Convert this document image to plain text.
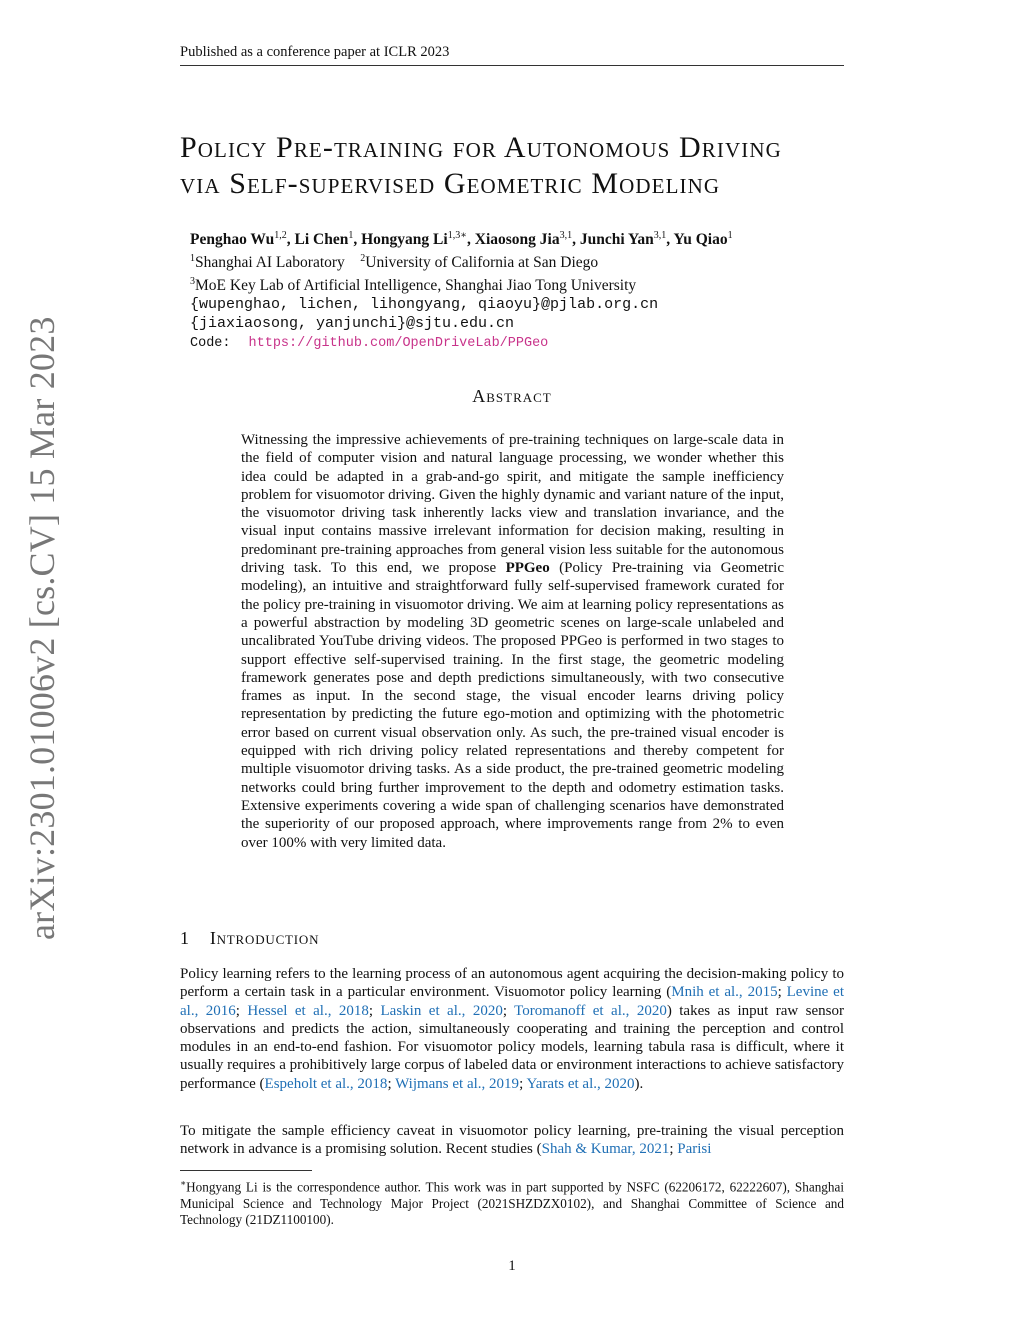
Published as a conference paper at ICLR 2023
arXiv:2301.01006v2 [cs.CV] 15 Mar 2023
Policy Pre-training for Autonomous Driving
via Self-supervised Geometric Modeling
Penghao Wu$^{1,2}$, Li Chen$^1$, Hongyang $Li^{1,3∗}$, Xiaosong Jia$^{3,1}$, Junchi Yan$^{3,1}$, Yu Qiao$^1$
$^1$Shanghai AI Laboratory $^2$University of California at San Diego
$^3$MoE Key Lab of Artificial Intelligence, Shanghai Jiao Tong University
{wupenghao, lichen, lihongyang, qiaoyu}@pjlab.org.cn
{jiaxiaosong, yanjunchi}@sjtu.edu.cn
Code: https://github.com/OpenDriveLab/PPGeo
Abstract
Witnessing the impressive achievements of pre-training techniques on large-scale data in the field of computer vision and natural language processing, we wonder whether this idea could be adapted in a grab-and-go spirit, and mitigate the sample inefficiency problem for visuomotor driving. Given the highly dynamic and variant nature of the input, the visuomotor driving task inherently lacks view and translation invariance, and the visual input contains massive irrelevant information for decision making, resulting in predominant pre-training approaches from general vision less suitable for the autonomous driving task. To this end, we propose PPGeo (Policy Pre-training via Geometric modeling), an intuitive and straightforward fully self-supervised framework curated for the policy pre-training in visuomotor driving. We aim at learning policy representations as a powerful abstraction by modeling 3D geometric scenes on large-scale unlabeled and uncalibrated YouTube driving videos. The proposed PPGeo is performed in two stages to support effective self-supervised training. In the first stage, the geometric modeling framework generates pose and depth predictions simultaneously, with two consecutive frames as input. In the second stage, the visual encoder learns driving policy representation by predicting the future ego-motion and optimizing with the photometric error based on current visual observation only. As such, the pre-trained visual encoder is equipped with rich driving policy related representations and thereby competent for multiple visuomotor driving tasks. As a side product, the pre-trained geometric modeling networks could bring further improvement to the depth and odometry estimation tasks. Extensive experiments covering a wide span of challenging scenarios have demonstrated the superiority of our proposed approach, where improvements range from 2% to even over 100% with very limited data.
1 Introduction
Policy learning refers to the learning process of an autonomous agent acquiring the decision-making policy to perform a certain task in a particular environment. Visuomotor policy learning (Mnih et al., 2015; Levine et al., 2016; Hessel et al., 2018; Laskin et al., 2020; Toromanoff et al., 2020) takes as input raw sensor observations and predicts the action, simultaneously cooperating and training the perception and control modules in an end-to-end fashion. For visuomotor policy models, learning tabula rasa is difficult, where it usually requires a prohibitively large corpus of labeled data or environment interactions to achieve satisfactory performance (Espeholt et al., 2018; Wijmans et al., 2019; Yarats et al., 2020).
To mitigate the sample efficiency caveat in visuomotor policy learning, pre-training the visual perception network in advance is a promising solution. Recent studies (Shah & Kumar, 2021; Parisi
∗Hongyang Li is the correspondence author. This work was in part supported by NSFC (62206172, 62222607), Shanghai Municipal Science and Technology Major Project (2021SHZDZX0102), and Shanghai Committee of Science and Technology (21DZ1100100).
1
